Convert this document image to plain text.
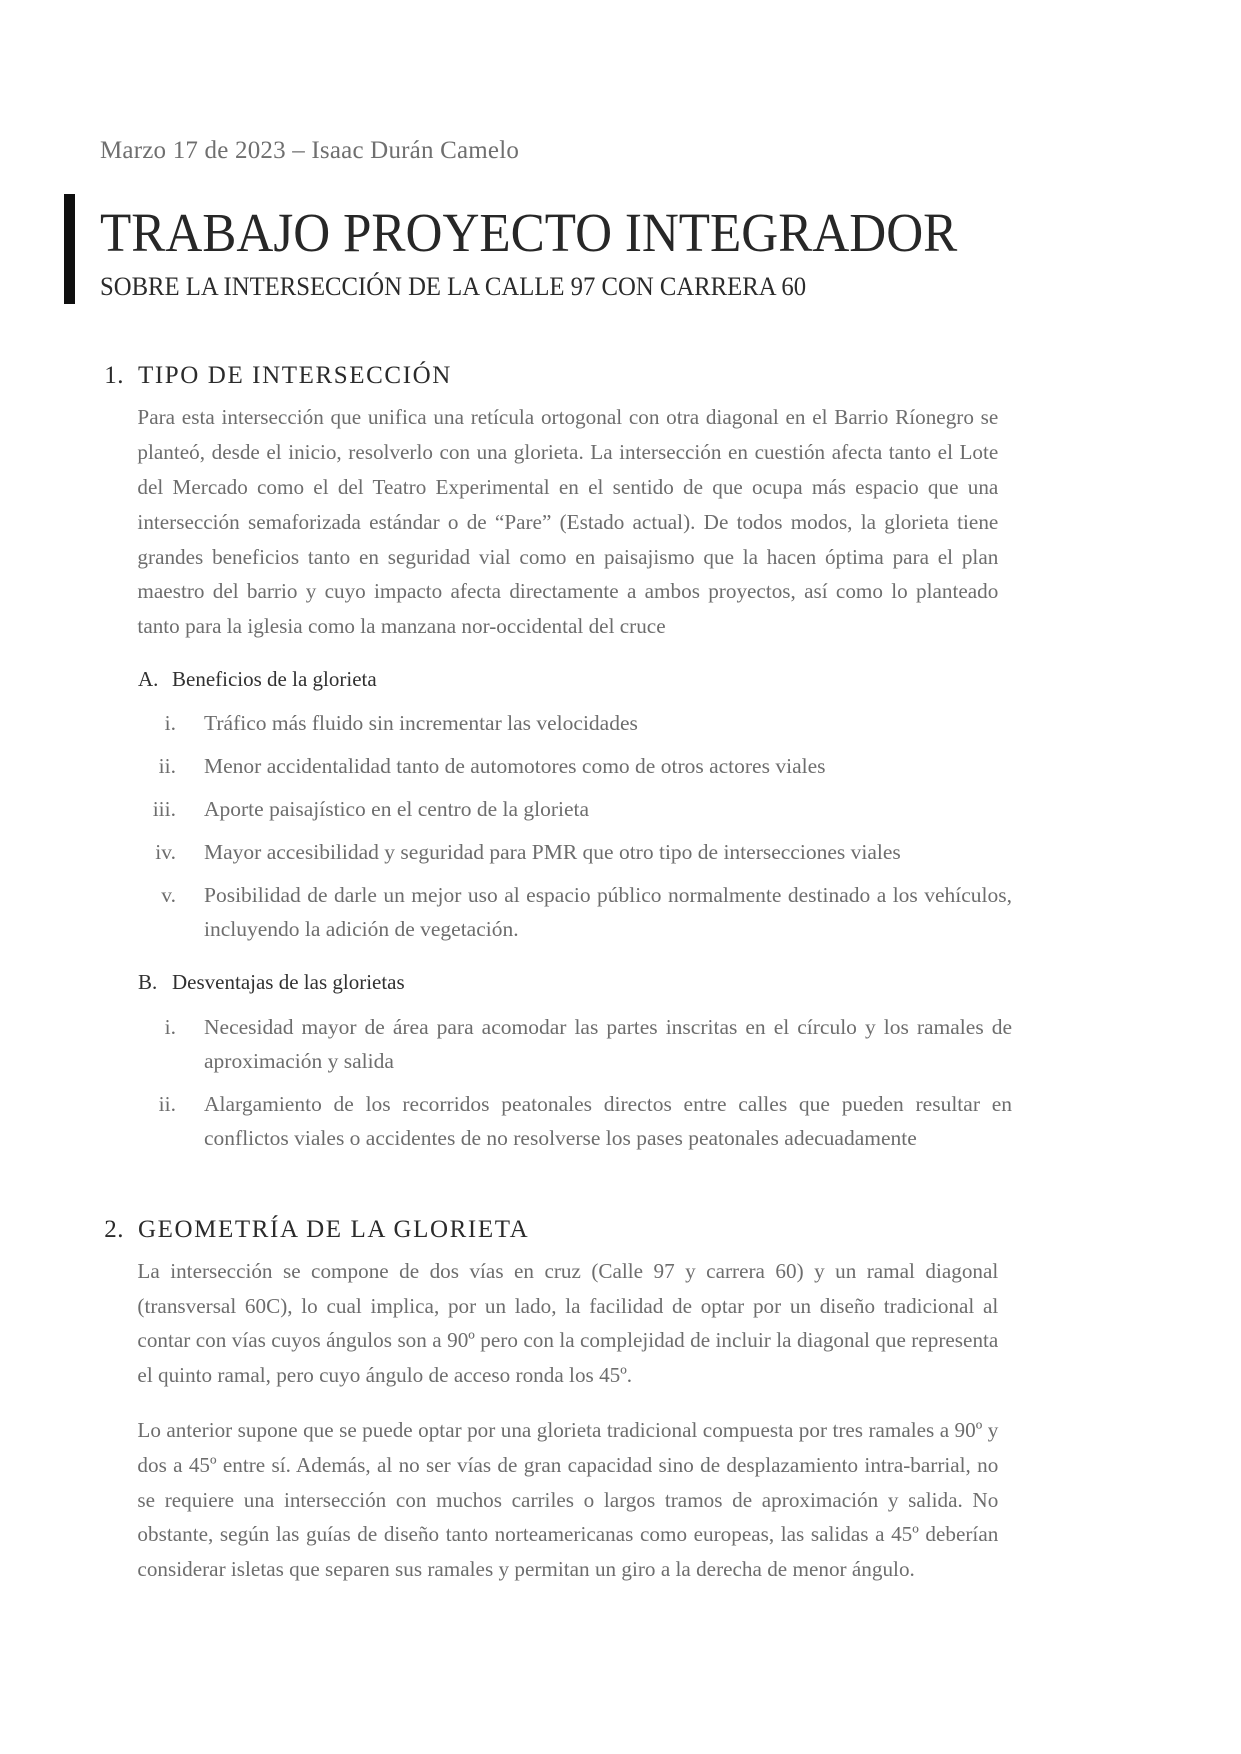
Marzo 17 de 2023 – Isaac Durán Camelo
TRABAJO PROYECTO INTEGRADOR
SOBRE LA INTERSECCIÓN DE LA CALLE 97 CON CARRERA 60
1. TIPO DE INTERSECCIÓN

Para esta intersección que unifica una retícula ortogonal con otra diagonal en el Barrio Ríonegro se planteó, desde el inicio, resolverlo con una glorieta. La intersección en cuestión afecta tanto el Lote del Mercado como el del Teatro Experimental en el sentido de que ocupa más espacio que una intersección semaforizada estándar o de “Pare” (Estado actual). De todos modos, la glorieta tiene grandes beneficios tanto en seguridad vial como en paisajismo que la hacen óptima para el plan maestro del barrio y cuyo impacto afecta directamente a ambos proyectos, así como lo planteado tanto para la iglesia como la manzana nor-occidental del cruce

A. Beneficios de la glorieta
i.	Tráfico más fluido sin incrementar las velocidades
ii.	Menor accidentalidad tanto de automotores como de otros actores viales
iii.	Aporte paisajístico en el centro de la glorieta
iv.	Mayor accesibilidad y seguridad para PMR que otro tipo de intersecciones viales
v.	Posibilidad de darle un mejor uso al espacio público normalmente destinado a los vehículos, incluyendo la adición de vegetación.
B. Desventajas de las glorietas
i.	Necesidad mayor de área para acomodar las partes inscritas en el círculo y los ramales de aproximación y salida
ii.	Alargamiento de los recorridos peatonales directos entre calles que pueden resultar en conflictos viales o accidentes de no resolverse los pases peatonales adecuadamente
2. GEOMETRÍA DE LA GLORIETA

La intersección se compone de dos vías en cruz (Calle 97 y carrera 60) y un ramal diagonal (transversal 60C), lo cual implica, por un lado, la facilidad de optar por un diseño tradicional al contar con vías cuyos ángulos son a 90º pero con la complejidad de incluir la diagonal que representa el quinto ramal, pero cuyo ángulo de acceso ronda los 45º.

Lo anterior supone que se puede optar por una glorieta tradicional compuesta por tres ramales a 90º y dos a 45º entre sí. Además, al no ser vías de gran capacidad sino de desplazamiento intra-barrial, no se requiere una intersección con muchos carriles o largos tramos de aproximación y salida. No obstante, según las guías de diseño tanto norteamericanas como europeas, las salidas a 45º deberían considerar isletas que separen sus ramales y permitan un giro a la derecha de menor ángulo.
